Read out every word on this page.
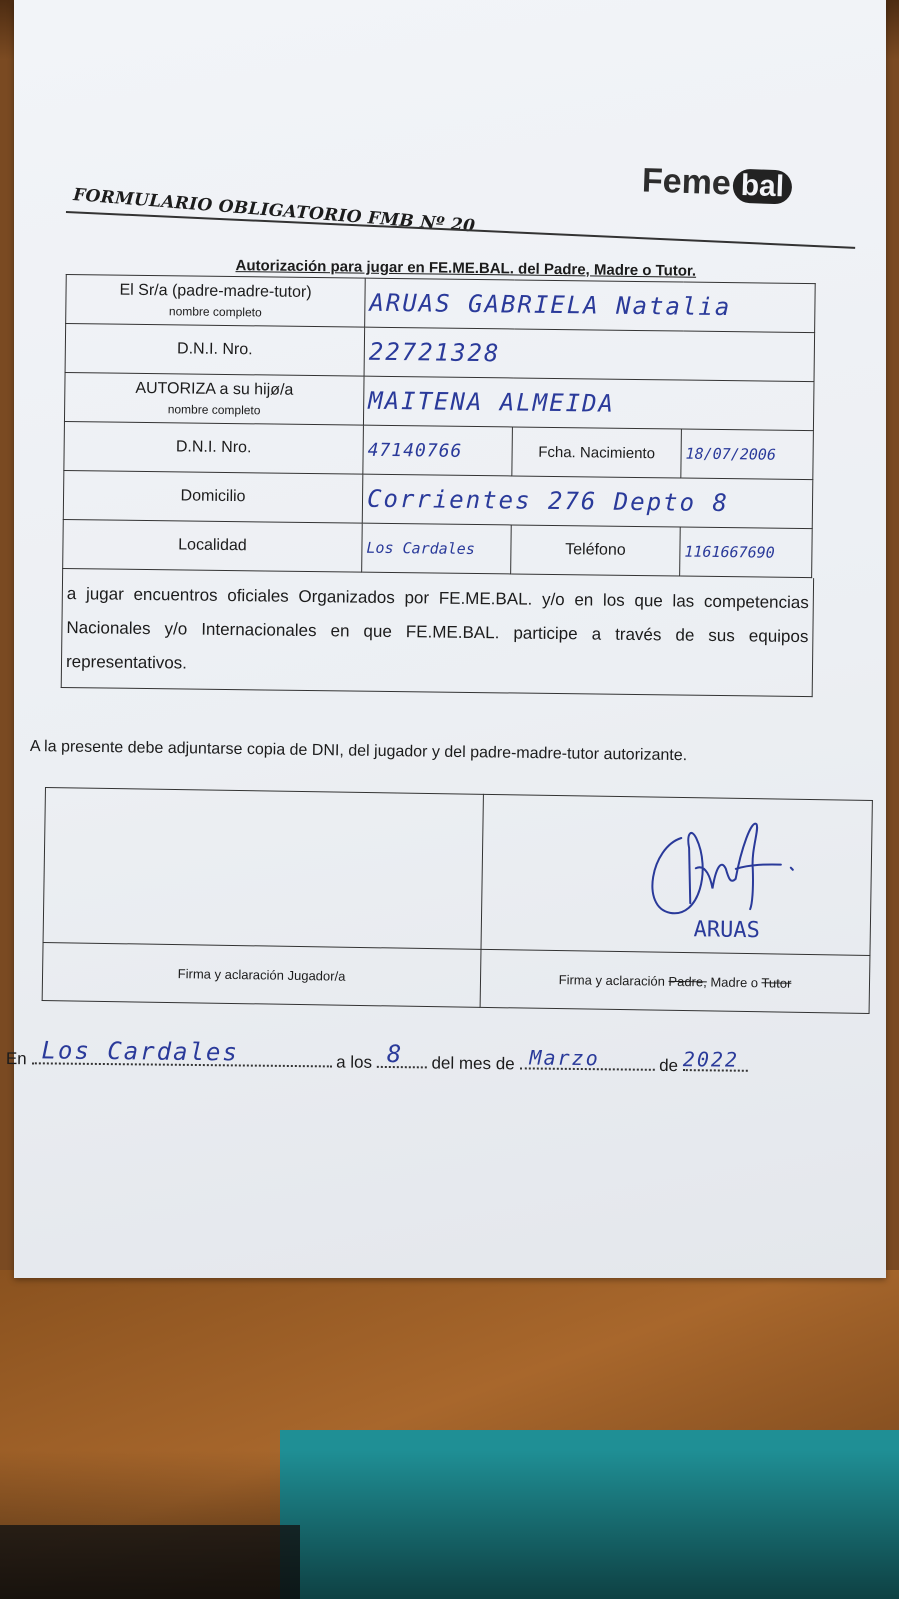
FORMULARIO OBLIGATORIO FMB Nº 20
Feme bal
Autorización para jugar en FE.ME.BAL. del Padre, Madre o Tutor.
El Sr/a (padre-madre-tutor)
nombre completo	ARUAS GABRIELA Natalia		
D.N.I. Nro.	22721328		

AUTORIZA a su hijø/a
nombre completo	MAITENA ALMEIDA		
D.N.I. Nro.	47140766	Fcha. Nacimiento	18/07/2006
Domicilio	Corrientes 276 Depto 8		
Localidad	Los Cardales	Teléfono	1161667690
a jugar encuentros oficiales Organizados por FE.ME.BAL. y/o en los que las competencias Nacionales y/o Internacionales en que FE.ME.BAL. participe a través de sus equipos representativos.
A la presente debe adjuntarse copia de DNI, del jugador y del padre-madre-tutor autorizante.

	ARUAS

Firma y aclaración Jugador/a	Firma y aclaración Padre, Madre o Tutor
En Los Cardales	a los 8 del mes de Marzo	de 2022
